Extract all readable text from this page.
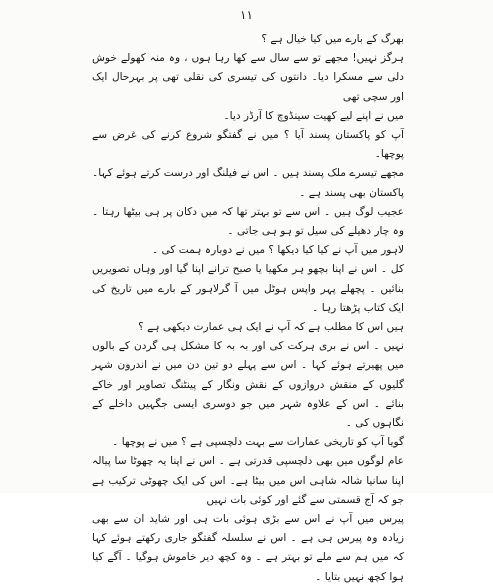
۱۱

بھرگ کے بارے میں کیا خیال ہے ؟

ہرگز نہیں! مجھے تو سے سال سے کھا رہا ہوں ، وہ منہ کھولے خوش دلی سے مسکرا دیا۔ دانتوں کی تیسری کی نقلی تھی پر بہرحال ایک اور سچی تھی

میں نے اپنے لیے کھیت سینڈوچ کا آرڈر دیا۔

آپ کو پاکستان پسند آیا ؟ میں نے گفتگو شروع کرنے کی غرض سے پوچھا۔

مجھے تیسرے ملک پسند ہیں ۔ اس نے فیلنگ اور درست کرتے ہوئے کہا۔ پاکستان بھی پسند ہے ۔

عجیب لوگ ہیں ۔ اس سے تو بہتر تھا کہ میں دکان پر ہی بیٹھا رہتا ۔ وہ چار دھیلے کی سیل تو ہو ہی جاتی ۔

لاہور میں آپ نے کیا کیا دیکھا ؟ میں نے دوبارہ ہمت کی ۔

کل ۔ اس نے اپنا بچھو ہر مکھیا یا صبح ترانے اپنا گیا اور وہاں تصویریں بنائیں ۔ پچھلے پہر واپس ہوٹل میں آ گرلاہور کے بارے میں تاریخ کی ایک کتاب پڑھتا رہا ۔

ہیں اس کا مطلب ہے کہ آپ نے ایک ہی عمارت دیکھی ہے ؟

نہیں ۔ اس نے بری ہرکت کی اور بہ بہ کا مشکل ہی گردن کے بالوں میں پھیرتے ہوئے کہا ۔ اس سے پہلے دو تین دن میں نے اندرون شہر گلیوں کے منقش دروازوں کے نقش ونگار کے پینٹنگ تصاویر اور خاکے بنائے ۔ اس کے علاوہ شہر میں جو دوسری ایسی جگہیں داخلے کے نگاہوں کی ۔

گویا آپ کو تاریخی عمارات سے بہت دلچسپی ہے ؟ میں نے پوچھا ۔

عام لوگوں میں بھی دلچسپی قدرتی ہے ۔ اس نے اپنا یہ چھوٹا سا پیالہ اپنا سانیا شالہ شاہی اس میں بیٹا ہے۔ اس کی ایک چھوٹی ترکیب ہے جو کہ آج قسمتی سے گئے اور کوئی بات نہیں

پیرس میں آپ نے اس سے بڑی ہوئی بات ہی اور شاید ان سے بھی زیادہ وہ پیرس ہی ہے ۔ اس نے سلسلہ گفتگو جاری رکھتے ہوئے کہا کہ میں ہم سے ملے تو بہتر ہے ۔ وہ کچھ دیر خاموش ہوگیا ۔ آگے کیا ہوا کچھ نہیں بتایا ۔
